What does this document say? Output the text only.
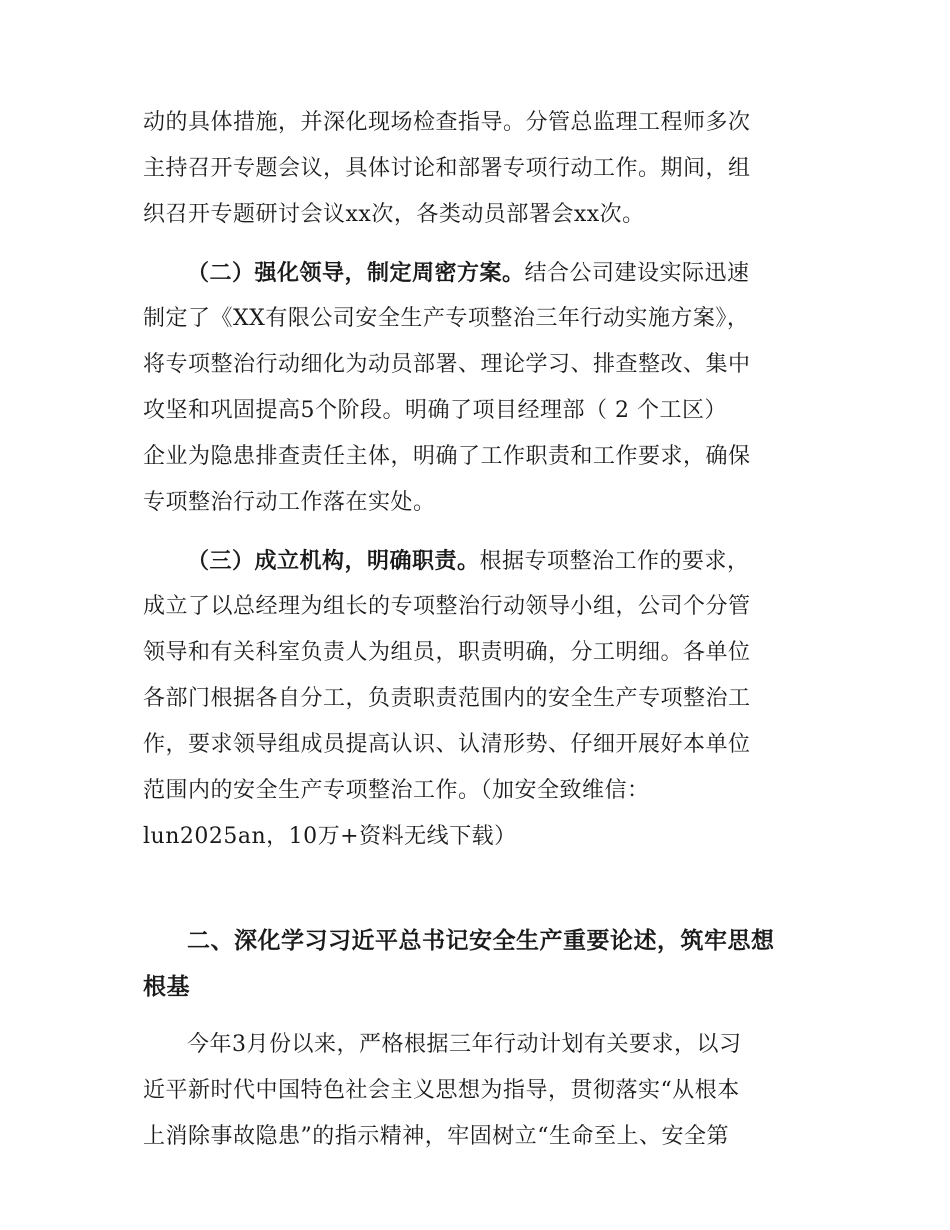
动的具体措施，并深化现场检查指导。分管总监理工程师多次
主持召开专题会议，具体讨论和部署专项行动工作。期间，组
织召开专题研讨会议xx次，各类动员部署会xx次。
（二）强化领导，制定周密方案。结合公司建设实际迅速
制定了《XX有限公司安全生产专项整治三年行动实施方案》，
将专项整治行动细化为动员部署、理论学习、排查整改、集中
攻坚和巩固提高5个阶段。明确了项目经理部（ 2 个工区）
企业为隐患排查责任主体，明确了工作职责和工作要求，确保
专项整治行动工作落在实处。
（三）成立机构，明确职责。根据专项整治工作的要求，
成立了以总经理为组长的专项整治行动领导小组，公司个分管
领导和有关科室负责人为组员，职责明确，分工明细。各单位
各部门根据各自分工，负责职责范围内的安全生产专项整治工
作，要求领导组成员提高认识、认清形势、仔细开展好本单位
范围内的安全生产专项整治工作。（加安全致维信：
lun2025an，10万+资料无线下载）
二、深化学习习近平总书记安全生产重要论述，筑牢思想
根基
今年3月份以来，严格根据三年行动计划有关要求，以习
近平新时代中国特色社会主义思想为指导，贯彻落实“从根本
上消除事故隐患”的指示精神，牢固树立“生命至上、安全第
